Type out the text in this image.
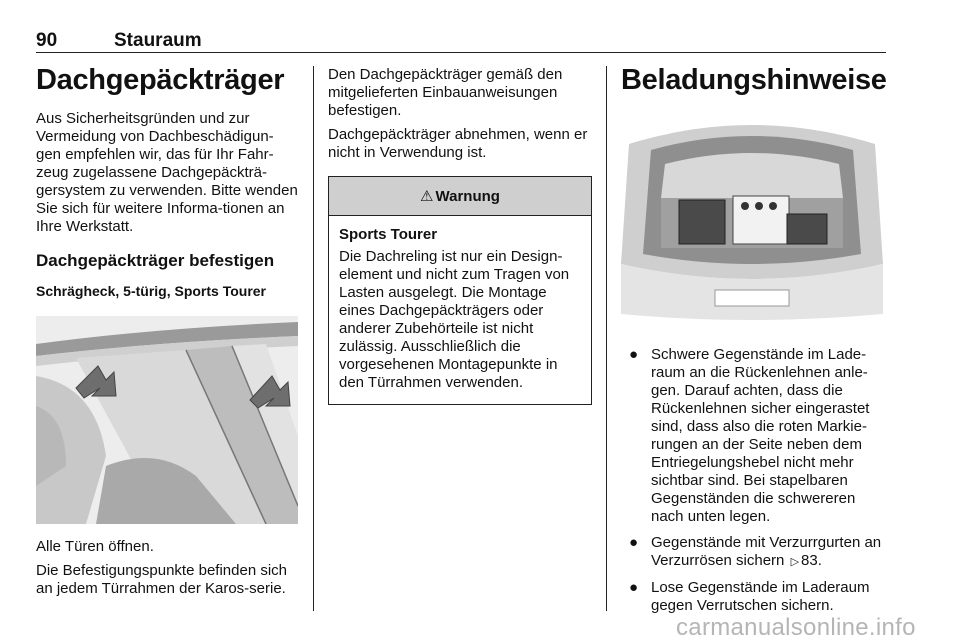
90	Stauraum
Dachgepäckträger

Aus Sicherheitsgründen und zur Vermeidung von Dachbeschädigun-gen empfehlen wir, das für Ihr Fahr-zeug zugelassene Dachgepäckträ-gersystem zu verwenden. Bitte wenden Sie sich für weitere Informa-tionen an Ihre Werkstatt.

Dachgepäckträger befestigen
Schrägheck, 5-türig, Sports Tourer

Alle Türen öffnen.

Die Befestigungspunkte befinden sich an jedem Türrahmen der Karos-serie.

Den Dachgepäckträger gemäß den mitgelieferten Einbauanweisungen befestigen.

Dachgepäckträger abnehmen, wenn er nicht in Verwendung ist.

⚠ Warnung
Sports Tourer

Die Dachreling ist nur ein Design-element und nicht zum Tragen von Lasten ausgelegt. Die Montage eines Dachgepäckträgers oder anderer Zubehörteile ist nicht zulässig. Ausschließlich die vorgesehenen Montagepunkte in den Türrahmen verwenden.

Beladungshinweise
● Schwere Gegenstände im Lade-raum an die Rückenlehnen anle-gen. Darauf achten, dass die Rückenlehnen sicher eingerastet sind, dass also die roten Markie-rungen an der Seite neben dem Entriegelungshebel nicht mehr sichtbar sind. Bei stapelbaren Gegenständen die schwereren nach unten legen.
● Gegenstände mit Verzurrgurten an Verzurrösen sichern ▷ 83.
● Lose Gegenstände im Laderaum gegen Verrutschen sichern.
carmanualsonline.info
